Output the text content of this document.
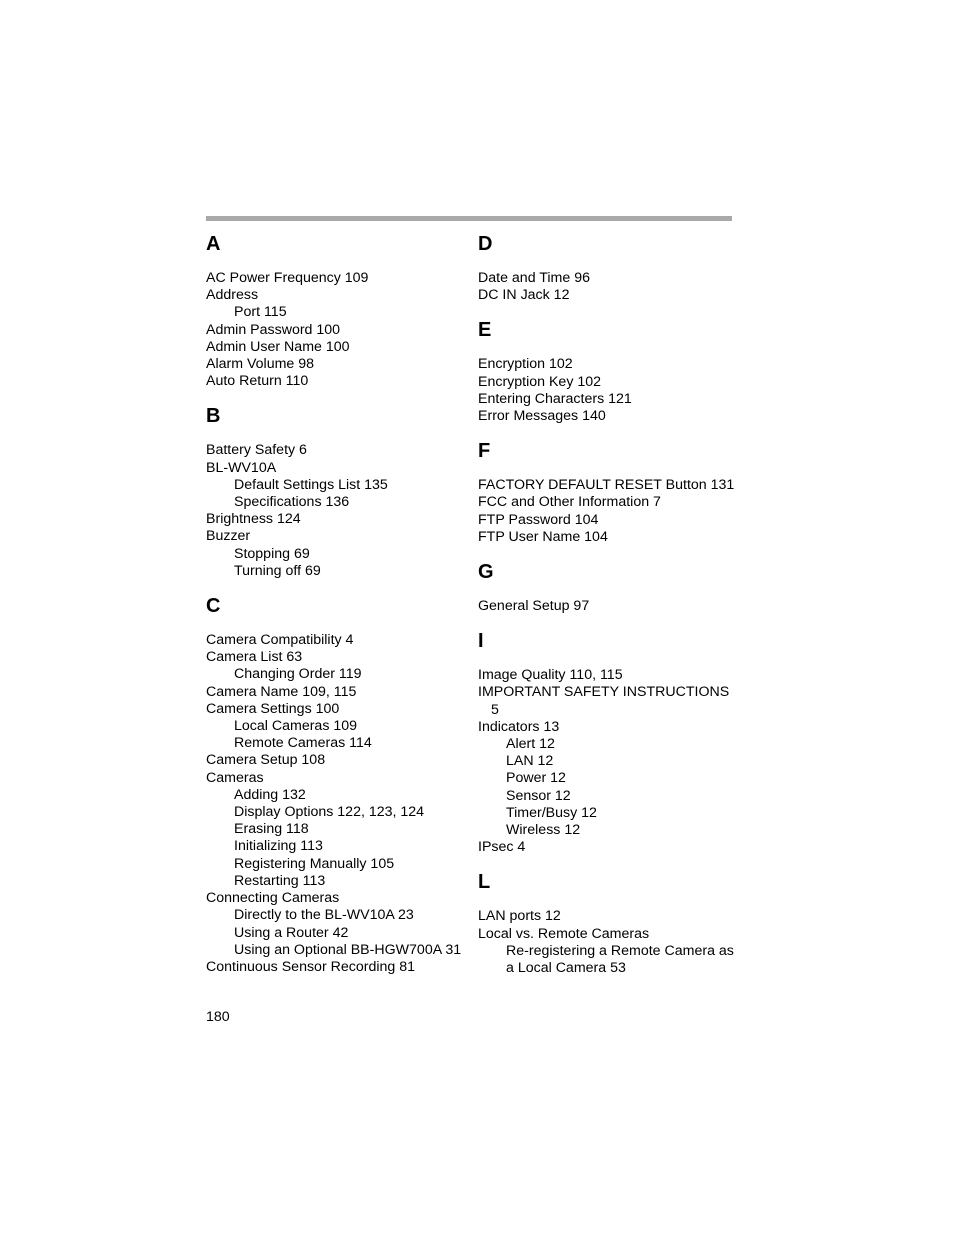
A
AC Power Frequency 109
Address
Port 115
Admin Password 100
Admin User Name 100
Alarm Volume 98
Auto Return 110
B
Battery Safety 6
BL-WV10A
Default Settings List 135
Specifications 136
Brightness 124
Buzzer
Stopping 69
Turning off 69
C
Camera Compatibility 4
Camera List 63
Changing Order 119
Camera Name 109, 115
Camera Settings 100
Local Cameras 109
Remote Cameras 114
Camera Setup 108
Cameras
Adding 132
Display Options 122, 123, 124
Erasing 118
Initializing 113
Registering Manually 105
Restarting 113
Connecting Cameras
Directly to the BL-WV10A 23
Using a Router 42
Using an Optional BB-HGW700A 31
Continuous Sensor Recording 81
D
Date and Time 96
DC IN Jack 12
E
Encryption 102
Encryption Key 102
Entering Characters 121
Error Messages 140
F
FACTORY DEFAULT RESET Button 131
FCC and Other Information 7
FTP Password 104
FTP User Name 104
G
General Setup 97
I
Image Quality 110, 115
IMPORTANT SAFETY INSTRUCTIONS
5
Indicators 13
Alert 12
LAN 12
Power 12
Sensor 12
Timer/Busy 12
Wireless 12
IPsec 4
L
LAN ports 12
Local vs. Remote Cameras
Re-registering a Remote Camera as
a Local Camera 53
180
